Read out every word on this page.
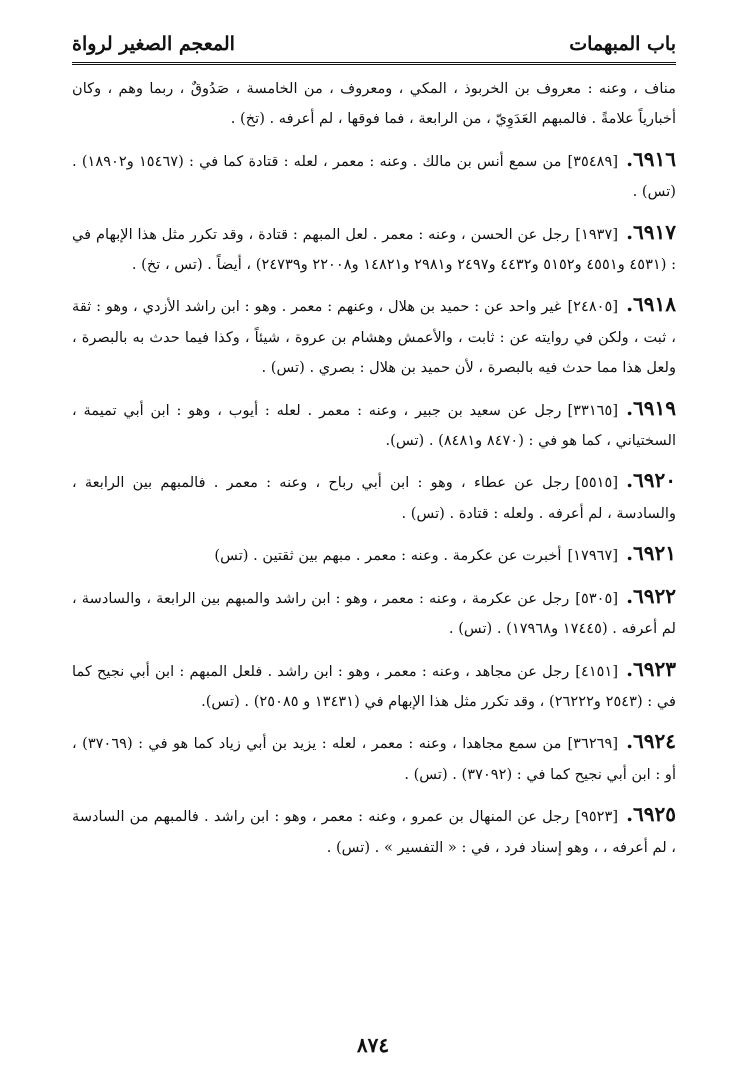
باب المبهمات
المعجم الصغير لرواة

مناف ، وعنه : معروف بن الخربوذ ، المكي ، ومعروف ، من الخامسة ، صَدُوقٌ ، ربما وهم ، وكان أخبارياً علامةً . فالمبهم العَدَوِيّ ، من الرابعة ، فما فوقها ، لم أعرفه . (تخ) .

٦٩١٦.[٣٥٤٨٩]من سمع أنس بن مالك . وعنه : معمر ، لعله : قتادة كما في : (١٥٤٦٧ و١٨٩٠٢) . (تس) .

٦٩١٧.[١٩٣٧]رجل عن الحسن ، وعنه : معمر . لعل المبهم : قتادة ، وقد تكرر مثل هذا الإبهام في : (٤٥٣١ و٤٥٥١ و٥١٥٢ و٤٤٣٢ و٢٤٩٧ و٢٩٨١ و١٤٨٢١ و٢٢٠٠٨ و٢٤٧٣٩) ، أيضاً . (تس ، تخ) .

٦٩١٨.[٢٤٨٠٥]غير واحد عن : حميد بن هلال ، وعنهم : معمر . وهو : ابن راشد الأزدي ، وهو : ثقة ، ثبت ، ولكن في روايته عن : ثابت ، والأعمش وهشام بن عروة ، شيئاً ، وكذا فيما حدث به بالبصرة ، ولعل هذا مما حدث فيه بالبصرة ، لأن حميد بن هلال : بصري . (تس) .

٦٩١٩.[٣٣١٦٥]رجل عن سعيد بن جبير ، وعنه : معمر . لعله : أيوب ، وهو : ابن أبي تميمة ، السختياني ، كما هو في : (٨٤٧٠ و٨٤٨١) . (تس).

٦٩٢٠.[٥٥١٥]رجل عن عطاء ، وهو : ابن أبي رباح ، وعنه : معمر . فالمبهم بين الرابعة ، والسادسة ، لم أعرفه . ولعله : قتادة . (تس) .

٦٩٢١.[١٧٩٦٧]أخبرت عن عكرمة . وعنه : معمر . مبهم بين ثقتين . (تس)

٦٩٢٢.[٥٣٠٥]رجل عن عكرمة ، وعنه : معمر ، وهو : ابن راشد والمبهم بين الرابعة ، والسادسة ، لم أعرفه . (١٧٤٤٥ و١٧٩٦٨) . (تس) .

٦٩٢٣.[٤١٥١]رجل عن مجاهد ، وعنه : معمر ، وهو : ابن راشد . فلعل المبهم : ابن أبي نجيح كما في : (٢٥٤٣ و٢٦٢٢٢) ، وقد تكرر مثل هذا الإبهام في (١٣٤٣١ و ٢٥٠٨٥) . (تس).

٦٩٢٤.[٣٦٢٦٩]من سمع مجاهدا ، وعنه : معمر ، لعله : يزيد بن أبي زياد كما هو في : (٣٧٠٦٩) ، أو : ابن أبي نجيح كما في : (٣٧٠٩٢) . (تس) .

٦٩٢٥.[٩٥٢٣]رجل عن المنهال بن عمرو ، وعنه : معمر ، وهو : ابن راشد . فالمبهم من السادسة ، لم أعرفه ، ، وهو إسناد فرد ، في : « التفسير » . (تس) .

٨٧٤
